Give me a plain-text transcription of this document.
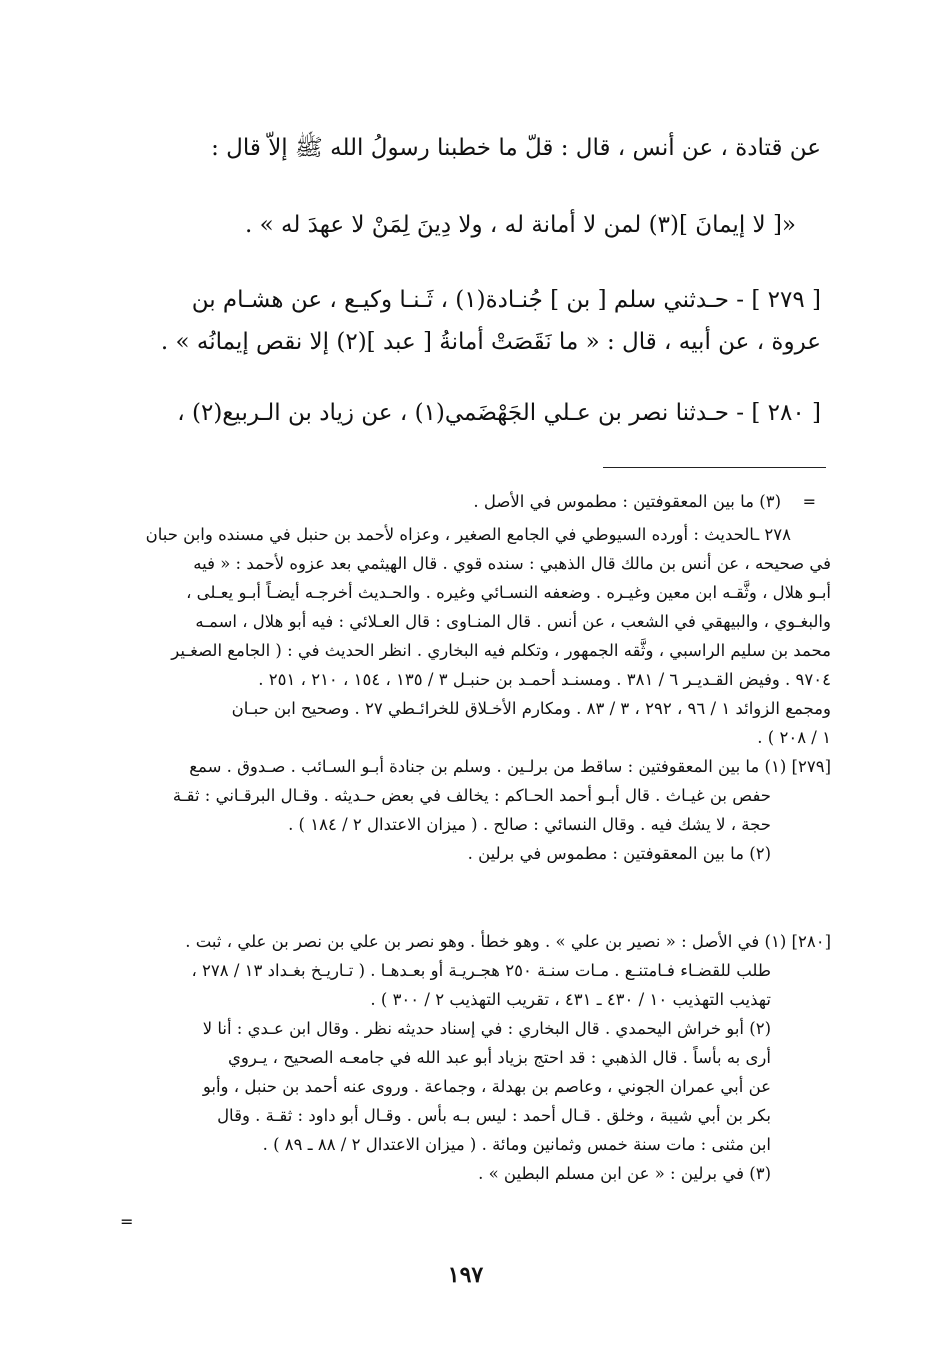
عن قتادة ، عن أنس ، قال : قلّ ما خطبنا رسولُ الله ﷺ إلاّ قال :
«[ لا إيمانَ ](٣) لمن لا أمانة له ، ولا دِينَ لِمَنْ لا عهدَ له » .
[ ٢٧٩ ] - حـدثني سلم [ بن ] جُنـادة(١) ، ثَـنـا وكيـع ، عن هشـام بن
عروة ، عن أبيه ، قال : « ما نَقَصَتْ أمانةُ [ عبد ](٢) إلا نقص إيمانُه » .
[ ٢٨٠ ] - حـدثنا نصر بن عـلي الجَهْضَمي(١) ، عن زياد بن الـربيع(٢) ،
=
(٣) ما بين المعقوفتين : مطموس في الأصل .
٢٧٨ ـالحديث : أورده السيوطي في الجامع الصغير ، وعزاه لأحمد بن حنبل في مسنده وابن حبان
في صحيحه ، عن أنس بن مالك قال الذهبي : سنده قوي . قال الهيثمي بعد عزوه لأحمد : « فيه
أبـو هلال ، وثَّقـه ابن معين وغيـره . وضعفه النسـائي وغيره . والحـديث أخرجـه أيضـاً أبـو يعـلى ،
والبغـوي ، والبيهقي في الشعب ، عن أنس . قال المنـاوى : قال العـلائي : فيه أبو هلال ، اسمـه
محمد بن سليم الراسبي ، وثَّقه الجمهور ، وتكلم فيه البخاري . انظر الحديث في : ( الجامع الصغـير
٩٧٠٤ . وفيض القـديـر ٦ / ٣٨١ . ومسنـد أحمـد بن حنبـل ٣ / ١٣٥ ، ١٥٤ ، ٢١٠ ، ٢٥١ .
ومجمع الزوائد ١ / ٩٦ ، ٢٩٢ ، ٣ / ٨٣ . ومكارم الأخـلاق للخرائـطي ٢٧ . وصحيح ابن حبـان
١ / ٢٠٨ ) .
[٢٧٩] (١) ما بين المعقوفتين : ساقط من برلـين . وسلم بن جنادة أبـو السـائب . صـدوق . سمع
حفص بن غيـاث . قال أبـو أحمد الحـاكم : يخالف في بعض حـديثه . وقـال البرقـاني : ثقـة
حجة ، لا يشك فيه . وقال النسائي : صالح . ( ميزان الاعتدال ٢ / ١٨٤ ) .
(٢) ما بين المعقوفتين : مطموس في برلين .
[٢٨٠] (١) في الأصل : « نصير بن علي » . وهو خطأ . وهو نصر بن علي بن نصر بن علي ، ثبت .
طلب للقضـاء فـامتنـع . مـات سنـة ٢٥٠ هجـريـة أو بعـدهـا . ( تـاريـخ بغـداد ١٣ / ٢٧٨ ،
تهذيب التهذيب ١٠ / ٤٣٠ ـ ٤٣١ ، تقريب التهذيب ٢ / ٣٠٠ ) .
(٢) أبو خراش اليحمدي . قال البخاري : في إسناد حديثه نظر . وقال ابن عـدي : أنا لا
أرى به بأساً . قال الذهبي : قد احتج بزياد أبو عبد الله في جامعـه الصحيح ، يـروي
عن أبي عمران الجوني ، وعاصم بن بهدلة ، وجماعة . وروى عنه أحمد بن حنبل ، وأبو
بكر بن أبي شيبة ، وخلق . قـال أحمد : ليس بـه بأس . وقـال أبو داود : ثقـة . وقال
ابن مثنى : مات سنة خمس وثمانين ومائة . ( ميزان الاعتدال ٢ / ٨٨ ـ ٨٩ ) .
(٣) في برلين : « عن ابن مسلم البطين » .
=
١٩٧
